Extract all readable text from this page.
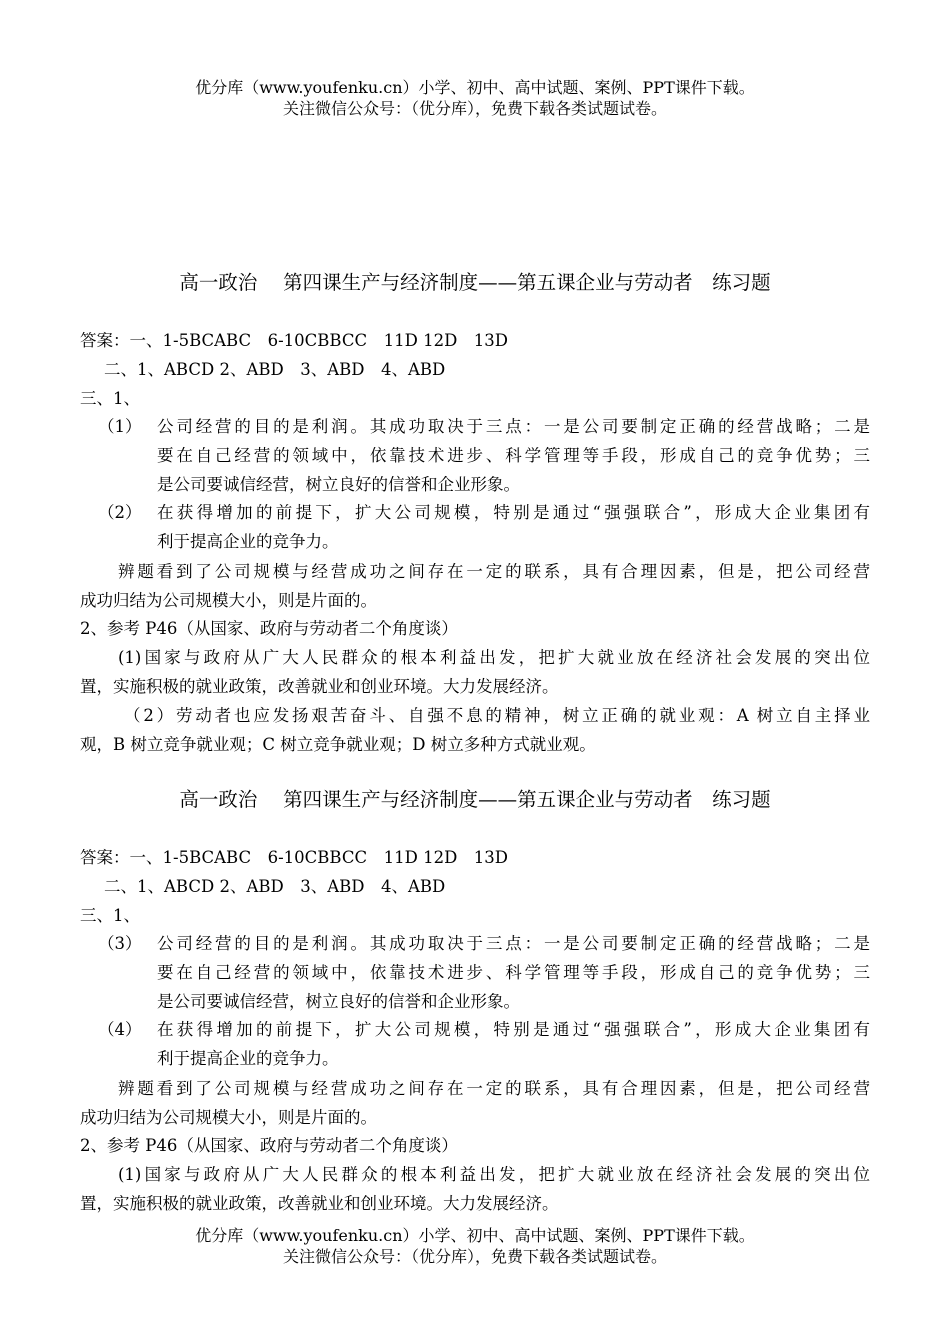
优分库（www.youfenku.cn）小学、初中、高中试题、案例、PPT课件下载。
关注微信公众号：（优分库），免费下载各类试题试卷。
高一政治　 第四课生产与经济制度——第五课企业与劳动者　练习题
答案：一、1-5BCABC　6-10CBBCC　11D 12D　13D
二、1、ABCD 2、ABD　3、ABD　4、ABD
三、1、
（1） 公司经营的目的是利润。其成功取决于三点：一是公司要制定正确的经营战略；二是
要在自己经营的领域中，依靠技术进步、科学管理等手段，形成自己的竞争优势；三
是公司要诚信经营，树立良好的信誉和企业形象。
（2） 在获得增加的前提下，扩大公司规模，特别是通过“强强联合”，形成大企业集团有
利于提高企业的竞争力。
辨题看到了公司规模与经营成功之间存在一定的联系，具有合理因素，但是，把公司经营
成功归结为公司规模大小，则是片面的。
2、参考 P46（从国家、政府与劳动者二个角度谈）
(1)国家与政府从广大人民群众的根本利益出发，把扩大就业放在经济社会发展的突出位
置，实施积极的就业政策，改善就业和创业环境。大力发展经济。
（2）劳动者也应发扬艰苦奋斗、自强不息的精神，树立正确的就业观：A 树立自主择业
观，B 树立竞争就业观；C 树立竞争就业观；D 树立多种方式就业观。
高一政治　 第四课生产与经济制度——第五课企业与劳动者　练习题
答案：一、1-5BCABC　6-10CBBCC　11D 12D　13D
二、1、ABCD 2、ABD　3、ABD　4、ABD
三、1、
（3） 公司经营的目的是利润。其成功取决于三点：一是公司要制定正确的经营战略；二是
要在自己经营的领域中，依靠技术进步、科学管理等手段，形成自己的竞争优势；三
是公司要诚信经营，树立良好的信誉和企业形象。
（4） 在获得增加的前提下，扩大公司规模，特别是通过“强强联合”，形成大企业集团有
利于提高企业的竞争力。
辨题看到了公司规模与经营成功之间存在一定的联系，具有合理因素，但是，把公司经营
成功归结为公司规模大小，则是片面的。
2、参考 P46（从国家、政府与劳动者二个角度谈）
(1)国家与政府从广大人民群众的根本利益出发，把扩大就业放在经济社会发展的突出位
置，实施积极的就业政策，改善就业和创业环境。大力发展经济。
优分库（www.youfenku.cn）小学、初中、高中试题、案例、PPT课件下载。
关注微信公众号：（优分库），免费下载各类试题试卷。
